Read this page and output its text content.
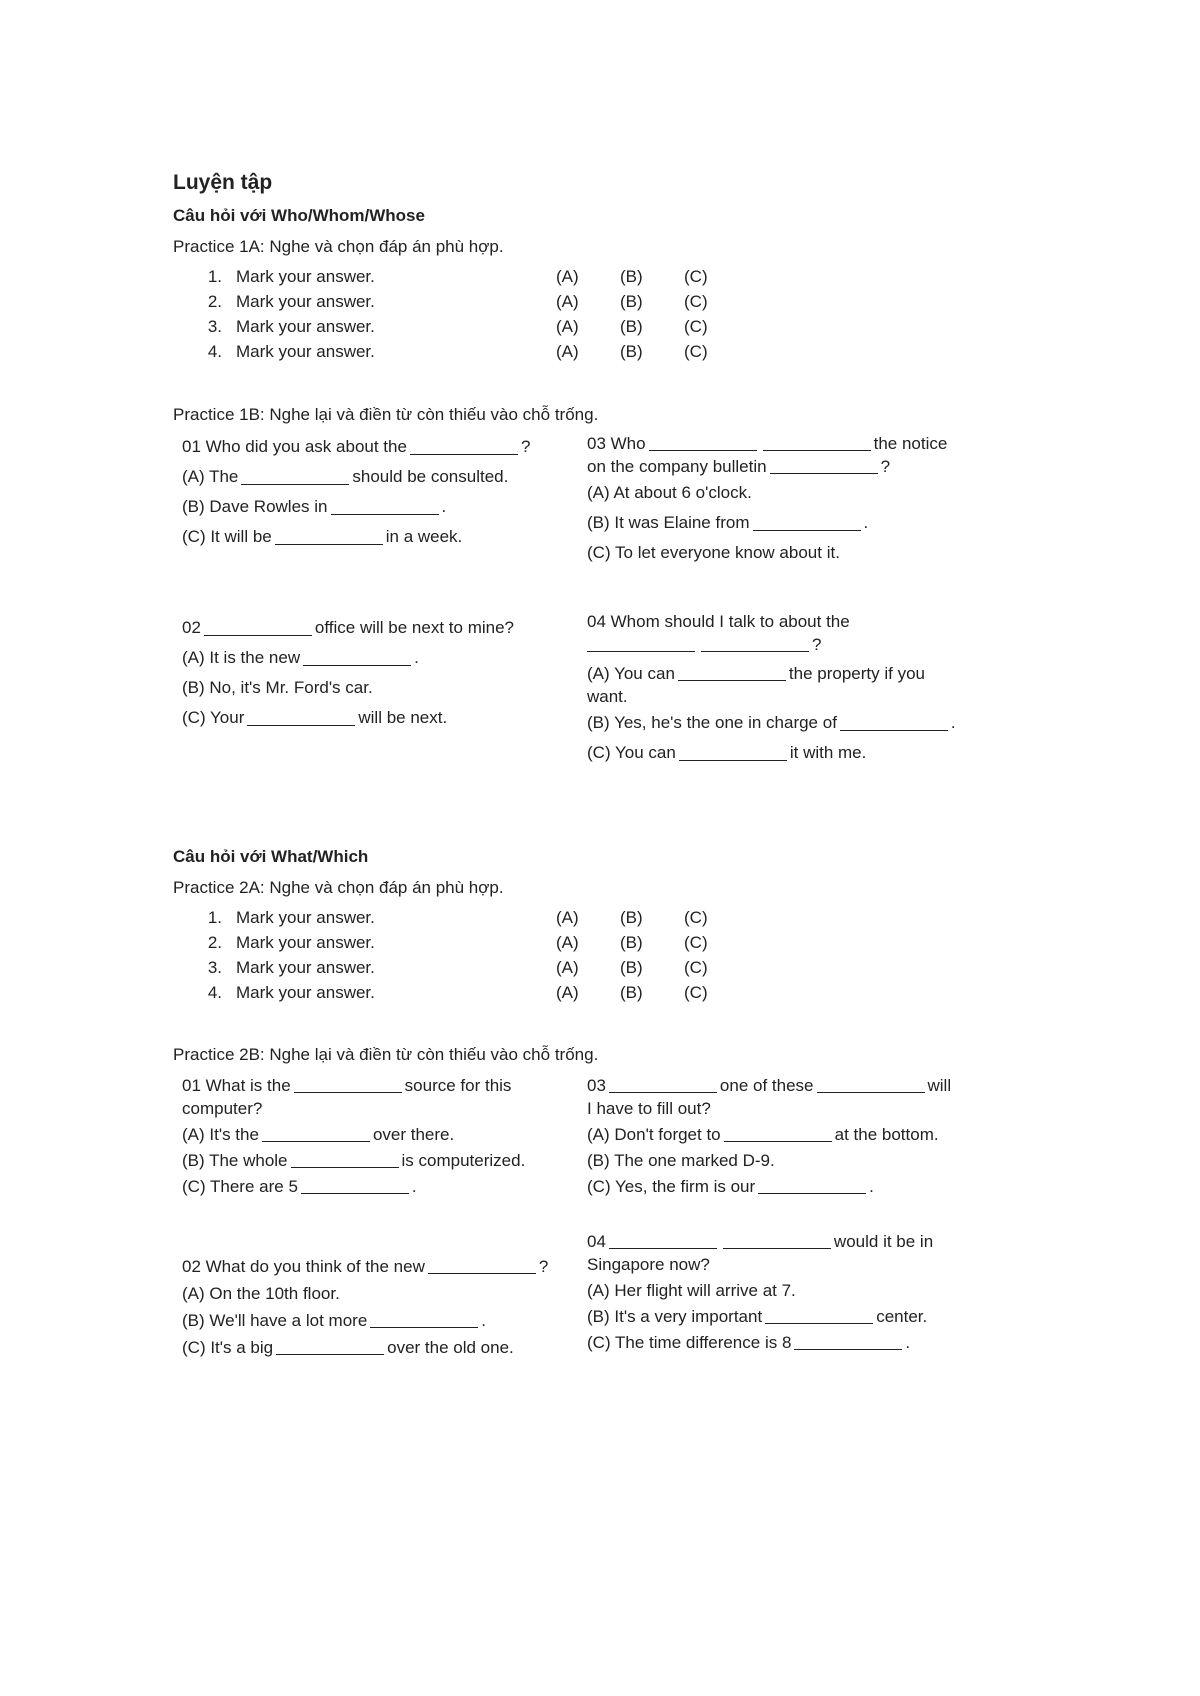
Luyện tập
Câu hỏi với Who/Whom/Whose
Practice 1A: Nghe và chọn đáp án phù hợp.
1. Mark your answer.	(A)	(B)	(C)
2. Mark your answer.	(A)	(B)	(C)
3. Mark your answer.	(A)	(B)	(C)
4. Mark your answer.	(A)	(B)	(C)
Practice 1B: Nghe lại và điền từ còn thiếu vào chỗ trống.
01 Who did you ask about the	?
(A) The	should be consulted.
(B) Dave Rowles in	.
(C) It will be	in a week.
03 Who	the notice
on the company bulletin	?
(A) At about 6 o'clock.
(B) It was Elaine from	.
(C) To let everyone know about it.
02	office will be next to mine?
(A) It is the new	.
(B) No, it's Mr. Ford's car.
(C) Your	will be next.
04 Whom should I talk to about the
?
(A) You can	the property if you
want.
(B) Yes, he's the one in charge of	.
(C) You can	it with me.
Câu hỏi với What/Which
Practice 2A: Nghe và chọn đáp án phù hợp.
1. Mark your answer.	(A)	(B)	(C)
2. Mark your answer.	(A)	(B)	(C)
3. Mark your answer.	(A)	(B)	(C)
4. Mark your answer.	(A)	(B)	(C)
Practice 2B: Nghe lại và điền từ còn thiếu vào chỗ trống.
01 What is the	source for this
computer?
(A) It's the	over there.
(B) The whole	is computerized.
(C) There are 5	.
03	one of these	will
I have to fill out?
(A) Don't forget to	at the bottom.
(B) The one marked D-9.
(C) Yes, the firm is our	.
02 What do you think of the new	?
(A) On the 10th floor.
(B) We'll have a lot more	.
(C) It's a big	over the old one.
04	would it be in
Singapore now?
(A) Her flight will arrive at 7.
(B) It's a very important	center.
(C) The time difference is 8	.
